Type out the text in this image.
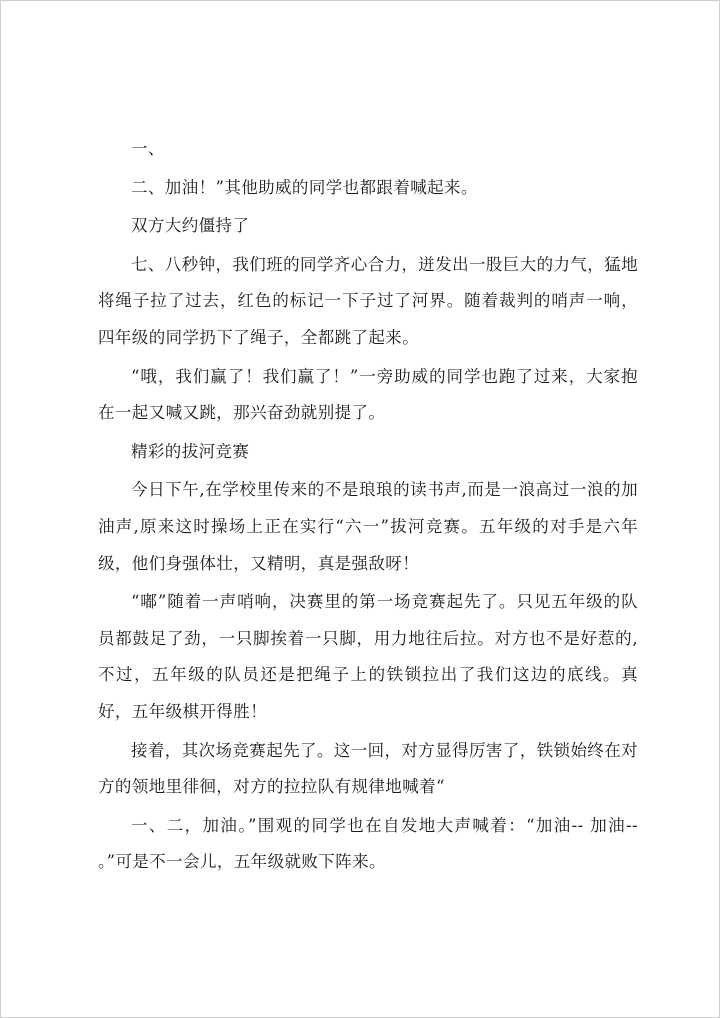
一、

二、加油！”其他助威的同学也都跟着喊起来。

双方大约僵持了

七、八秒钟，我们班的同学齐心合力，迸发出一股巨大的力气，猛地将绳子拉了过去，红色的标记一下子过了河界。随着裁判的哨声一响，四年级的同学扔下了绳子，全都跳了起来。

“哦，我们赢了！我们赢了！”一旁助威的同学也跑了过来，大家抱在一起又喊又跳，那兴奋劲就别提了。

精彩的拔河竞赛

今日下午,在学校里传来的不是琅琅的读书声,而是一浪高过一浪的加油声,原来这时操场上正在实行“六一”拔河竞赛。五年级的对手是六年级，他们身强体壮，又精明，真是强敌呀！

“嘟”随着一声哨响，决赛里的第一场竞赛起先了。只见五年级的队员都鼓足了劲，一只脚挨着一只脚，用力地往后拉。对方也不是好惹的,不过，五年级的队员还是把绳子上的铁锁拉出了我们这边的底线。真好，五年级棋开得胜！

接着，其次场竞赛起先了。这一回，对方显得厉害了，铁锁始终在对方的领地里徘徊，对方的拉拉队有规律地喊着“

一、二，加油。”围观的同学也在自发地大声喊着：“加油-- 加油-- 。”可是不一会儿，五年级就败下阵来。
